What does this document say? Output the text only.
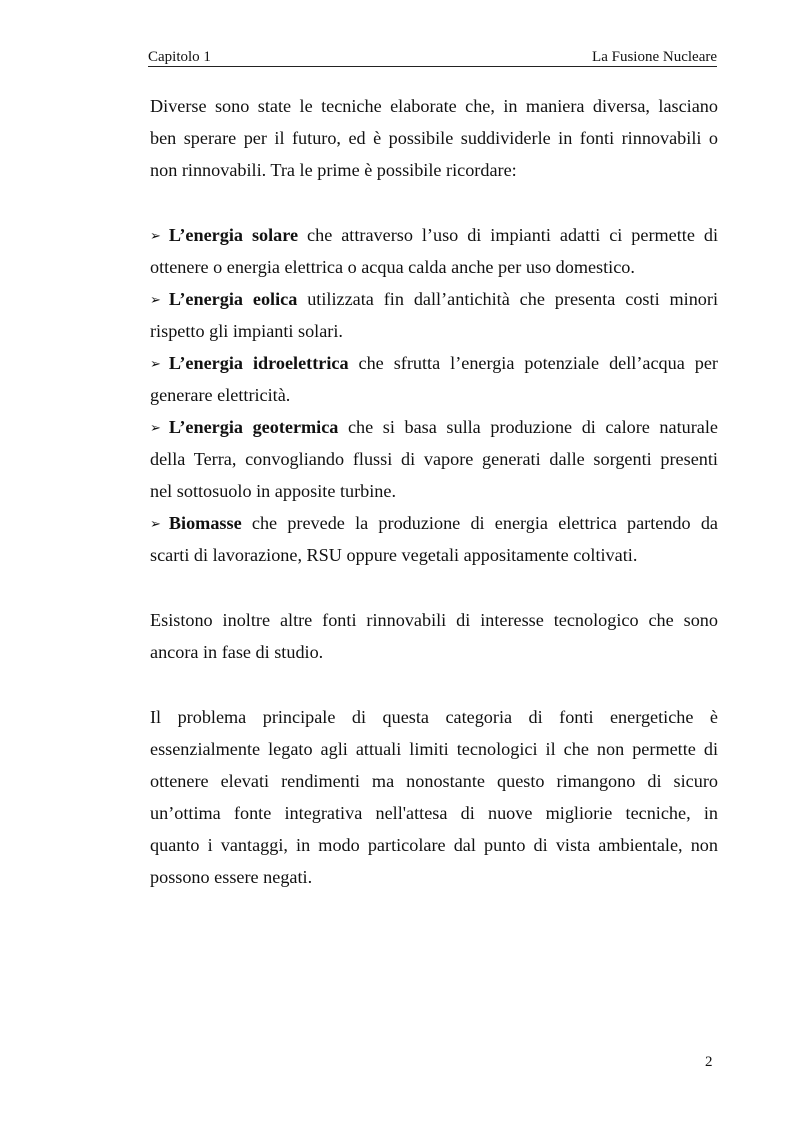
Capitolo 1	La Fusione Nucleare
Diverse sono state le tecniche elaborate che, in maniera diversa, lasciano
ben sperare per il futuro, ed è possibile suddividerle in fonti rinnovabili o
non rinnovabili. Tra le prime è possibile ricordare:
➢ L’energia solare che attraverso l’uso di impianti adatti ci permette di
ottenere o energia elettrica o acqua calda anche per uso domestico.
➢ L’energia eolica utilizzata fin dall’antichità che presenta costi minori
rispetto gli impianti solari.
➢ L’energia idroelettrica che sfrutta l’energia potenziale dell’acqua per
generare elettricità.
➢ L’energia geotermica che si basa sulla produzione di calore naturale
della Terra, convogliando flussi di vapore generati dalle sorgenti presenti
nel sottosuolo in apposite turbine.
➢ Biomasse che prevede la produzione di energia elettrica partendo da
scarti di lavorazione, RSU oppure vegetali appositamente coltivati.
Esistono inoltre altre fonti rinnovabili di interesse tecnologico che sono
ancora in fase di studio.
Il problema principale di questa categoria di fonti energetiche è
essenzialmente legato agli attuali limiti tecnologici il che non permette di
ottenere elevati rendimenti ma nonostante questo rimangono di sicuro
un’ottima fonte integrativa nell'attesa di nuove migliorie tecniche, in
quanto i vantaggi, in modo particolare dal punto di vista ambientale, non
possono essere negati.
2
